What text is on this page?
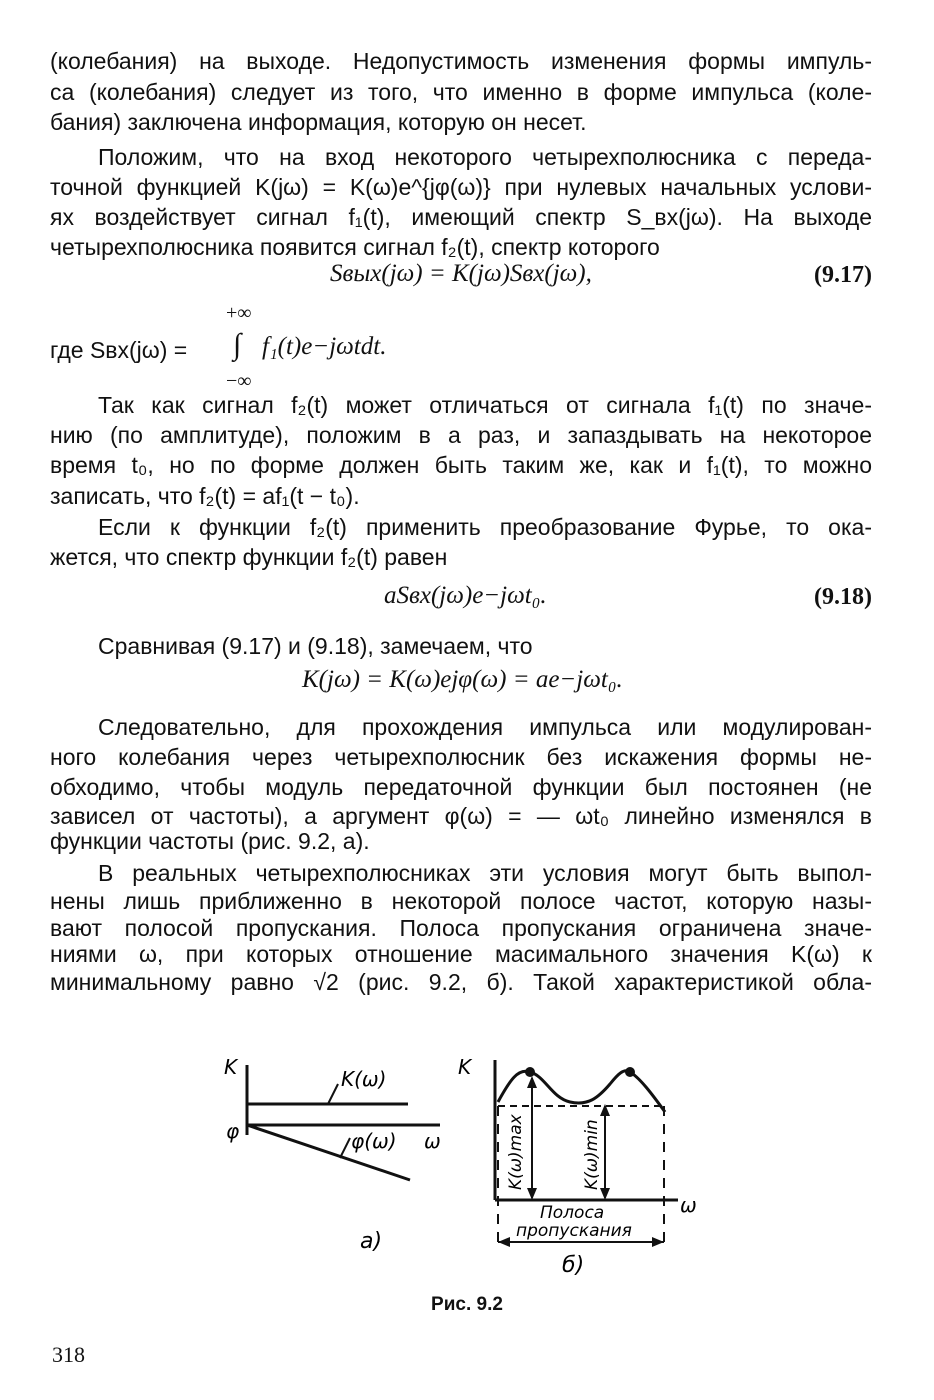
(колебания) на выходе. Недопустимость изменения формы импуль-
са (колебания) следует из того, что именно в форме импульса (коле-
бания) заключена информация, которую он несет.
Положим, что на вход некоторого четырехполюсника с переда-
точной функцией K(jω) = K(ω)e^{jφ(ω)} при нулевых начальных услови-
ях воздействует сигнал f₁(t), имеющий спектр S_вх(jω). На выходе
четырехполюсника появится сигнал f₂(t), спектр которого
Sвых(jω) = K(jω)Sвх(jω),	(9.17)
+∞
где Sвх(jω) = ∫ f₁(t)e−jωtdt.
−∞
Так как сигнал f₂(t) может отличаться от сигнала f₁(t) по значе-
нию (по амплитуде), положим в a раз, и запаздывать на некоторое
время t₀, но по форме должен быть таким же, как и f₁(t), то можно
записать, что f₂(t) = af₁(t − t₀).
Если к функции f₂(t) применить преобразование Фурье, то ока-
жется, что спектр функции f₂(t) равен
aSвх(jω)e−jωt₀.	(9.18)
Сравнивая (9.17) и (9.18), замечаем, что
K(jω) = K(ω)ejφ(ω) = ae−jωt₀.
Следовательно, для прохождения импульса или модулирован-
ного колебания через четырехполюсник без искажения формы не-
обходимо, чтобы модуль передаточной функции был постоянен (не
зависел от частоты), а аргумент φ(ω) = — ωt₀ линейно изменялся в
функции частоты (рис. 9.2, а).
В реальных четырехполюсниках эти условия могут быть выпол-
нены лишь приближенно в некоторой полосе частот, которую назы-
вают полосой пропускания. Полоса пропускания ограничена значе-
ниями ω, при которых отношение масимального значения K(ω) к
минимальному равно √2 (рис. 9.2, б). Такой характеристикой обла-
K
φ
K(ω)
φ(ω) ω
а)
K(ω)max	K(ω)min
Полоса
пропускания
K
ω
б)
Рис. 9.2
318
